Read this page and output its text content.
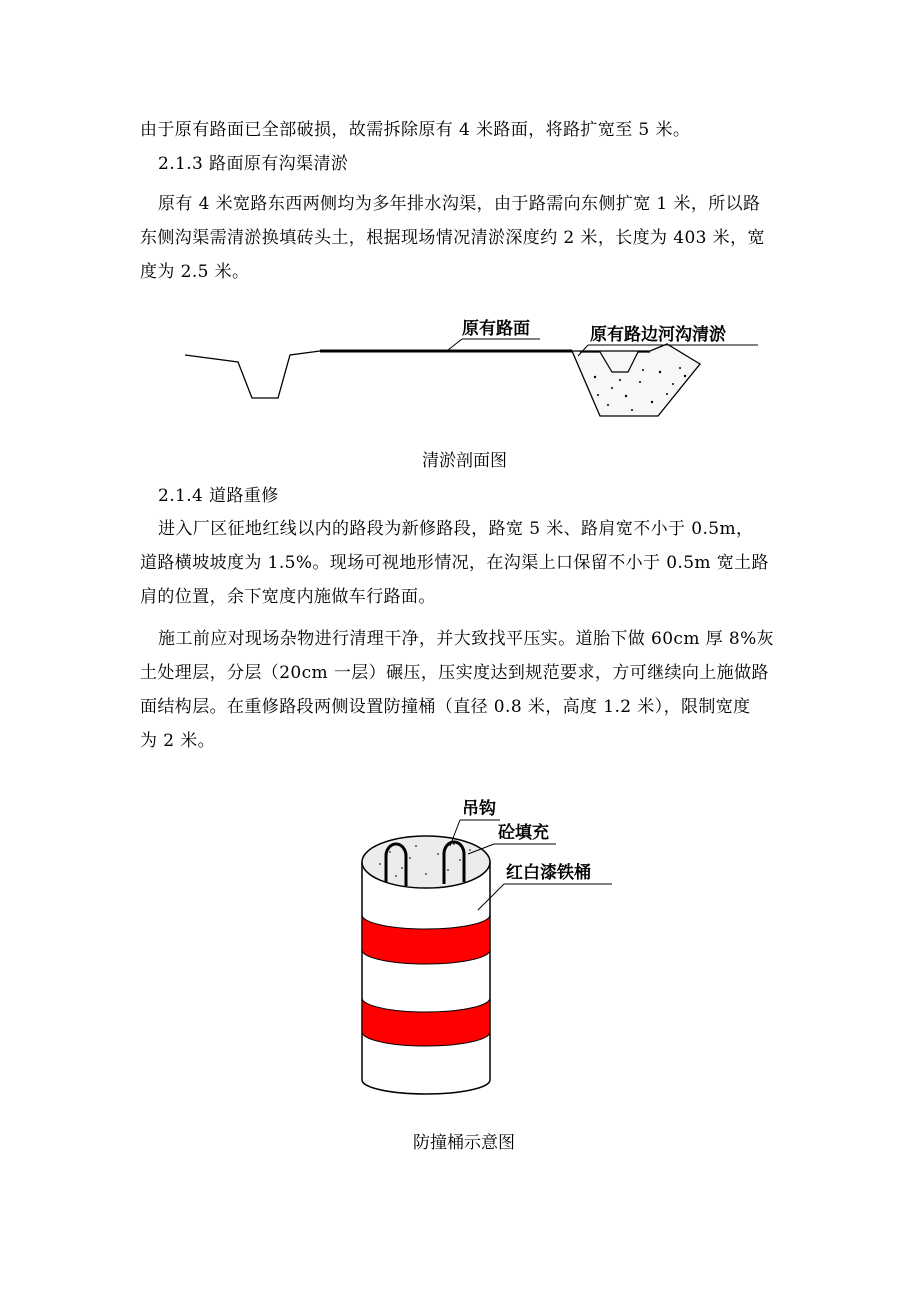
由于原有路面已全部破损，故需拆除原有 4 米路面，将路扩宽至 5 米。
2.1.3 路面原有沟渠清淤
原有 4 米宽路东西两侧均为多年排水沟渠，由于路需向东侧扩宽 1 米，所以路
东侧沟渠需清淤换填砖头土，根据现场情况清淤深度约 2 米，长度为 403 米，宽
度为 2.5 米。
原有路面	原有路边河沟清淤
清淤剖面图
2.1.4 道路重修
进入厂区征地红线以内的路段为新修路段，路宽 5 米、路肩宽不小于 0.5m，
道路横坡坡度为 1.5%。现场可视地形情况，在沟渠上口保留不小于 0.5m 宽土路
肩的位置，余下宽度内施做车行路面。
施工前应对现场杂物进行清理干净，并大致找平压实。道胎下做 60cm 厚 8%灰
土处理层，分层（20cm 一层）碾压，压实度达到规范要求，方可继续向上施做路
面结构层。在重修路段两侧设置防撞桶（直径 0.8 米，高度 1.2 米），限制宽度
为 2 米。
吊钩
砼填充
红白漆铁桶
防撞桶示意图
